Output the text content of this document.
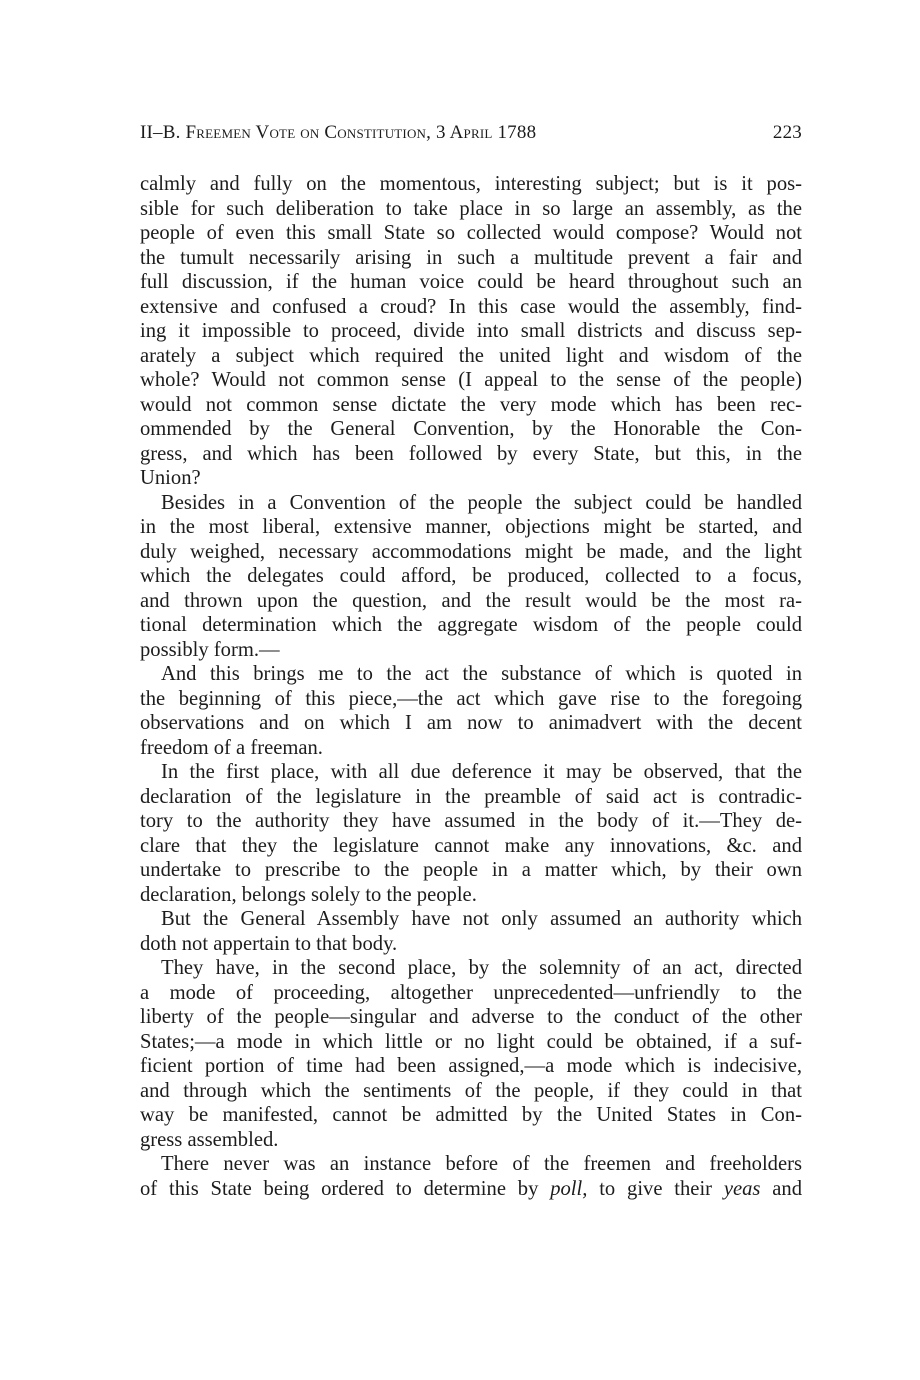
II–B. Freemen Vote on Constitution, 3 April 1788	223

calmly and fully on the momentous, interesting subject; but is it pos-
sible for such deliberation to take place in so large an assembly, as the
people of even this small State so collected would compose? Would not
the tumult necessarily arising in such a multitude prevent a fair and
full discussion, if the human voice could be heard throughout such an
extensive and confused a croud? In this case would the assembly, find-
ing it impossible to proceed, divide into small districts and discuss sep-
arately a subject which required the united light and wisdom of the
whole? Would not common sense (I appeal to the sense of the people)
would not common sense dictate the very mode which has been rec-
ommended by the General Convention, by the Honorable the Con-
gress, and which has been followed by every State, but this, in the
Union?

Besides in a Convention of the people the subject could be handled
in the most liberal, extensive manner, objections might be started, and
duly weighed, necessary accommodations might be made, and the light
which the delegates could afford, be produced, collected to a focus,
and thrown upon the question, and the result would be the most ra-
tional determination which the aggregate wisdom of the people could
possibly form.—

And this brings me to the act the substance of which is quoted in
the beginning of this piece,—the act which gave rise to the foregoing
observations and on which I am now to animadvert with the decent
freedom of a freeman.

In the first place, with all due deference it may be observed, that the
declaration of the legislature in the preamble of said act is contradic-
tory to the authority they have assumed in the body of it.—They de-
clare that they the legislature cannot make any innovations, &c. and
undertake to prescribe to the people in a matter which, by their own
declaration, belongs solely to the people.

But the General Assembly have not only assumed an authority which
doth not appertain to that body.

They have, in the second place, by the solemnity of an act, directed
a mode of proceeding, altogether unprecedented—unfriendly to the
liberty of the people—singular and adverse to the conduct of the other
States;—a mode in which little or no light could be obtained, if a suf-
ficient portion of time had been assigned,—a mode which is indecisive,
and through which the sentiments of the people, if they could in that
way be manifested, cannot be admitted by the United States in Con-
gress assembled.

There never was an instance before of the freemen and freeholders
of this State being ordered to determine by poll, to give their yeas and
